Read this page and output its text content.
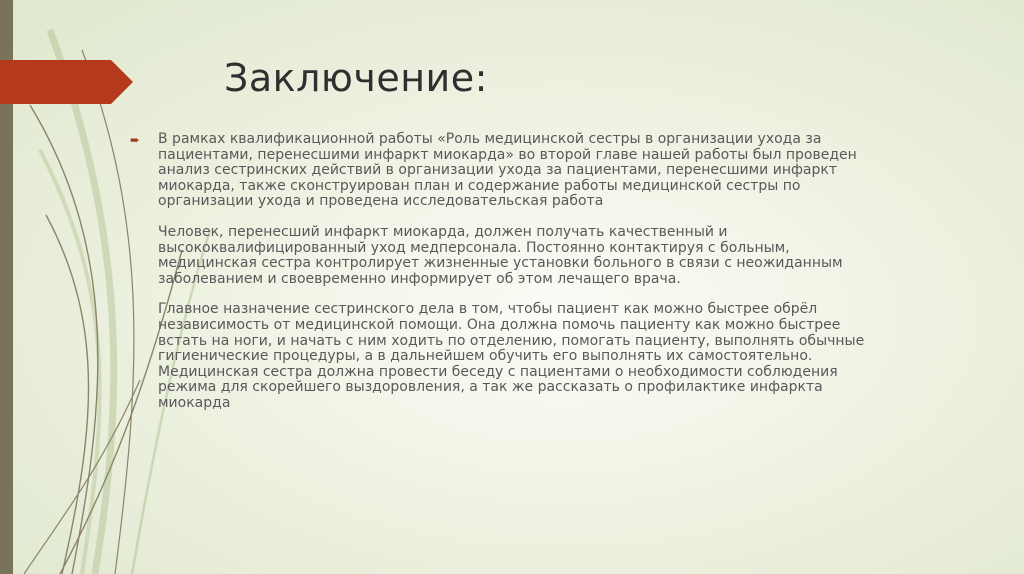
Заключение:

➨ В рамках квалификационной работы «Роль медицинской сестры в организации ухода за пациентами, перенесшими инфаркт миокарда» во второй главе нашей работы был проведен анализ сестринских действий в организации ухода за пациентами, перенесшими инфаркт миокарда, также сконструирован план и содержание работы медицинской сестры по организации ухода и проведена исследовательская работа

Человек, перенесший инфаркт миокарда, должен получать качественный и высококвалифицированный уход медперсонала. Постоянно контактируя с больным, медицинская сестра контролирует жизненные установки больного в связи с неожиданным заболеванием и своевременно информирует об этом лечащего врача.

Главное назначение сестринского дела в том, чтобы пациент как можно быстрее обрёл независимость от медицинской помощи. Она должна помочь пациенту как можно быстрее встать на ноги, и начать с ним ходить по отделению, помогать пациенту, выполнять обычные гигиенические процедуры, а в дальнейшем обучить его выполнять их самостоятельно. Медицинская сестра должна провести беседу с пациентами о необходимости соблюдения режима для скорейшего выздоровления, а так же рассказать о профилактике инфаркта миокарда
